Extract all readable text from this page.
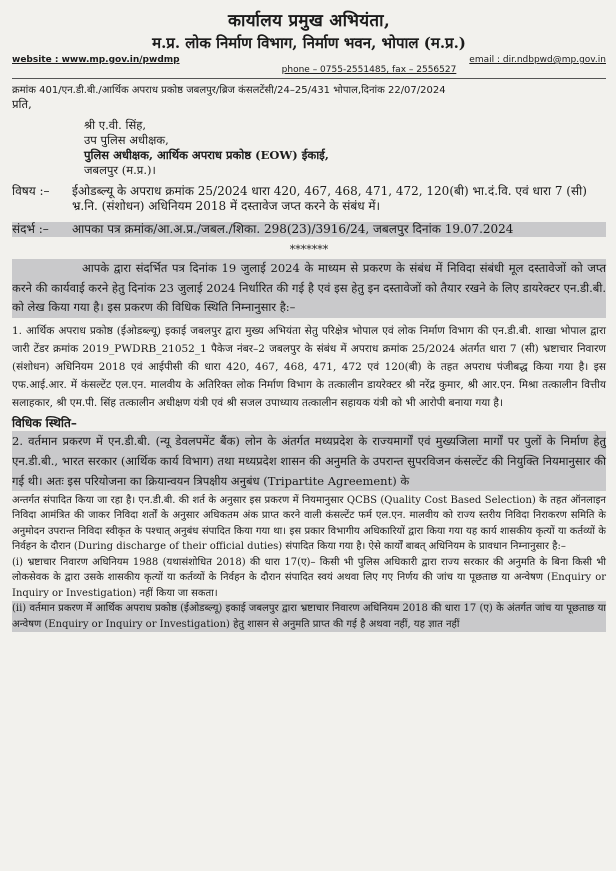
कार्यालय प्रमुख अभियंता,
म.प्र. लोक निर्माण विभाग, निर्माण भवन, भोपाल (म.प्र.)
website : www.mp.gov.in/pwdmp	email : dir.ndbpwd@mp.gov.in
phone – 0755-2551485, fax – 2556527
क्रमांक 401/एन.डी.बी./आर्थिक अपराध प्रकोष्ठ जबलपुर/ब्रिज कंसलटेंसी/24–25/431 भोपाल,दिनांक 22/07/2024
प्रति,
श्री ए.वी. सिंह,
उप पुलिस अधीक्षक,
पुलिस अधीक्षक, आर्थिक अपराध प्रकोष्ठ (EOW) ईकाई,
जबलपुर (म.प्र.)।
विषय :–	ईओडब्ल्यू के अपराध क्रमांक 25/2024 धारा 420, 467, 468, 471, 472, 120(बी) भा.दं.वि. एवं धारा 7 (सी) भ्र.नि. (संशोधन) अधिनियम 2018 में दस्तावेज जप्त करने के संबंध में।
संदर्भ :–	आपका पत्र क्रमांक/आ.अ.प्र./जबल./शिका. 298(23)/3916/24, जबलपुर दिनांक 19.07.2024
*******
आपके द्वारा संदर्भित पत्र दिनांक 19 जुलाई 2024 के माध्यम से प्रकरण के संबंध में निविदा संबंधी मूल दस्तावेजों को जप्त करने की कार्यवाई करने हेतु दिनांक 23 जुलाई 2024 निर्धारित की गई है एवं इस हेतु इन दस्तावेजों को तैयार रखने के लिए डायरेक्टर एन.डी.बी. को लेख किया गया है। इस प्रकरण की विधिक स्थिति निम्नानुसार है:–
1. आर्थिक अपराध प्रकोष्ठ (ईओडब्ल्यू) इकाई जबलपुर द्वारा मुख्य अभियंता सेतु परिक्षेत्र भोपाल एवं लोक निर्माण विभाग की एन.डी.बी. शाखा भोपाल द्वारा जारी टेंडर क्रमांक 2019_PWDRB_21052_1 पैकेज नंबर–2 जबलपुर के संबंध में अपराध क्रमांक 25/2024 अंतर्गत धारा 7 (सी) भ्रष्टाचार निवारण (संशोधन) अधिनियम 2018 एवं आईपीसी की धारा 420, 467, 468, 471, 472 एवं 120(बी) के तहत अपराध पंजीबद्ध किया गया है। इस एफ.आई.आर. में कंसल्टेंट एल.एन. मालवीय के अतिरिक्त लोक निर्माण विभाग के तत्कालीन डायरेक्टर श्री नरेंद्र कुमार, श्री आर.एन. मिश्रा तत्कालीन वित्तीय सलाहकार, श्री एम.पी. सिंह तत्कालीन अधीक्षण यंत्री एवं श्री सजल उपाध्याय तत्कालीन सहायक यंत्री को भी आरोपी बनाया गया है।
विधिक स्थिति–
2. वर्तमान प्रकरण में एन.डी.बी. (न्यू डेवलपमेंट बैंक) लोन के अंतर्गत मध्यप्रदेश के राज्यमार्गों एवं मुख्यजिला मार्गों पर पुलों के निर्माण हेतु एन.डी.बी., भारत सरकार (आर्थिक कार्य विभाग) तथा मध्यप्रदेश शासन की अनुमति के उपरान्त सुपरविजन कंसल्टेंट की नियुक्ति नियमानुसार की गई थी। अतः इस परियोजना का क्रियान्वयन त्रिपक्षीय अनुबंध (Tripartite Agreement) के
अन्तर्गत संपादित किया जा रहा है। एन.डी.बी. की शर्त के अनुसार इस प्रकरण में नियमानुसार QCBS (Quality Cost Based Selection) के तहत ऑनलाइन निविदा आमंत्रित की जाकर निविदा शर्तों के अनुसार अधिकतम अंक प्राप्त करने वाली कंसल्टेंट फर्म एल.एन. मालवीय को राज्य स्तरीय निविदा निराकरण समिति के अनुमोदन उपरान्त निविदा स्वीकृत के पश्चात् अनुबंध संपादित किया गया था। इस प्रकार विभागीय अधिकारियों द्वारा किया गया यह कार्य शासकीय कृत्यों या कर्तव्यों के निर्वहन के दौरान (During discharge of their official duties) संपादित किया गया है। ऐसे कार्यों बाबत् अधिनियम के प्रावधान निम्नानुसार है:–
(i) भ्रष्टाचार निवारण अधिनियम 1988 (यथासंशोधित 2018) की धारा 17(ए)– किसी भी पुलिस अधिकारी द्वारा राज्य सरकार की अनुमति के बिना किसी भी लोकसेवक के द्वारा उसके शासकीय कृत्यों या कर्तव्यों के निर्वहन के दौरान संपादित स्वयं अथवा लिए गए निर्णय की जांच या पूछताछ या अन्वेषण (Enquiry or Inquiry or Investigation) नहीं किया जा सकता।
(ii) वर्तमान प्रकरण में आर्थिक अपराध प्रकोष्ठ (ईओडब्ल्यू) इकाई जबलपुर द्वारा भ्रष्टाचार निवारण अधिनियम 2018 की धारा 17 (ए) के अंतर्गत जांच या पूछताछ या अन्वेषण (Enquiry or Inquiry or Investigation) हेतु शासन से अनुमति प्राप्त की गई है अथवा नहीं, यह ज्ञात नहीं
